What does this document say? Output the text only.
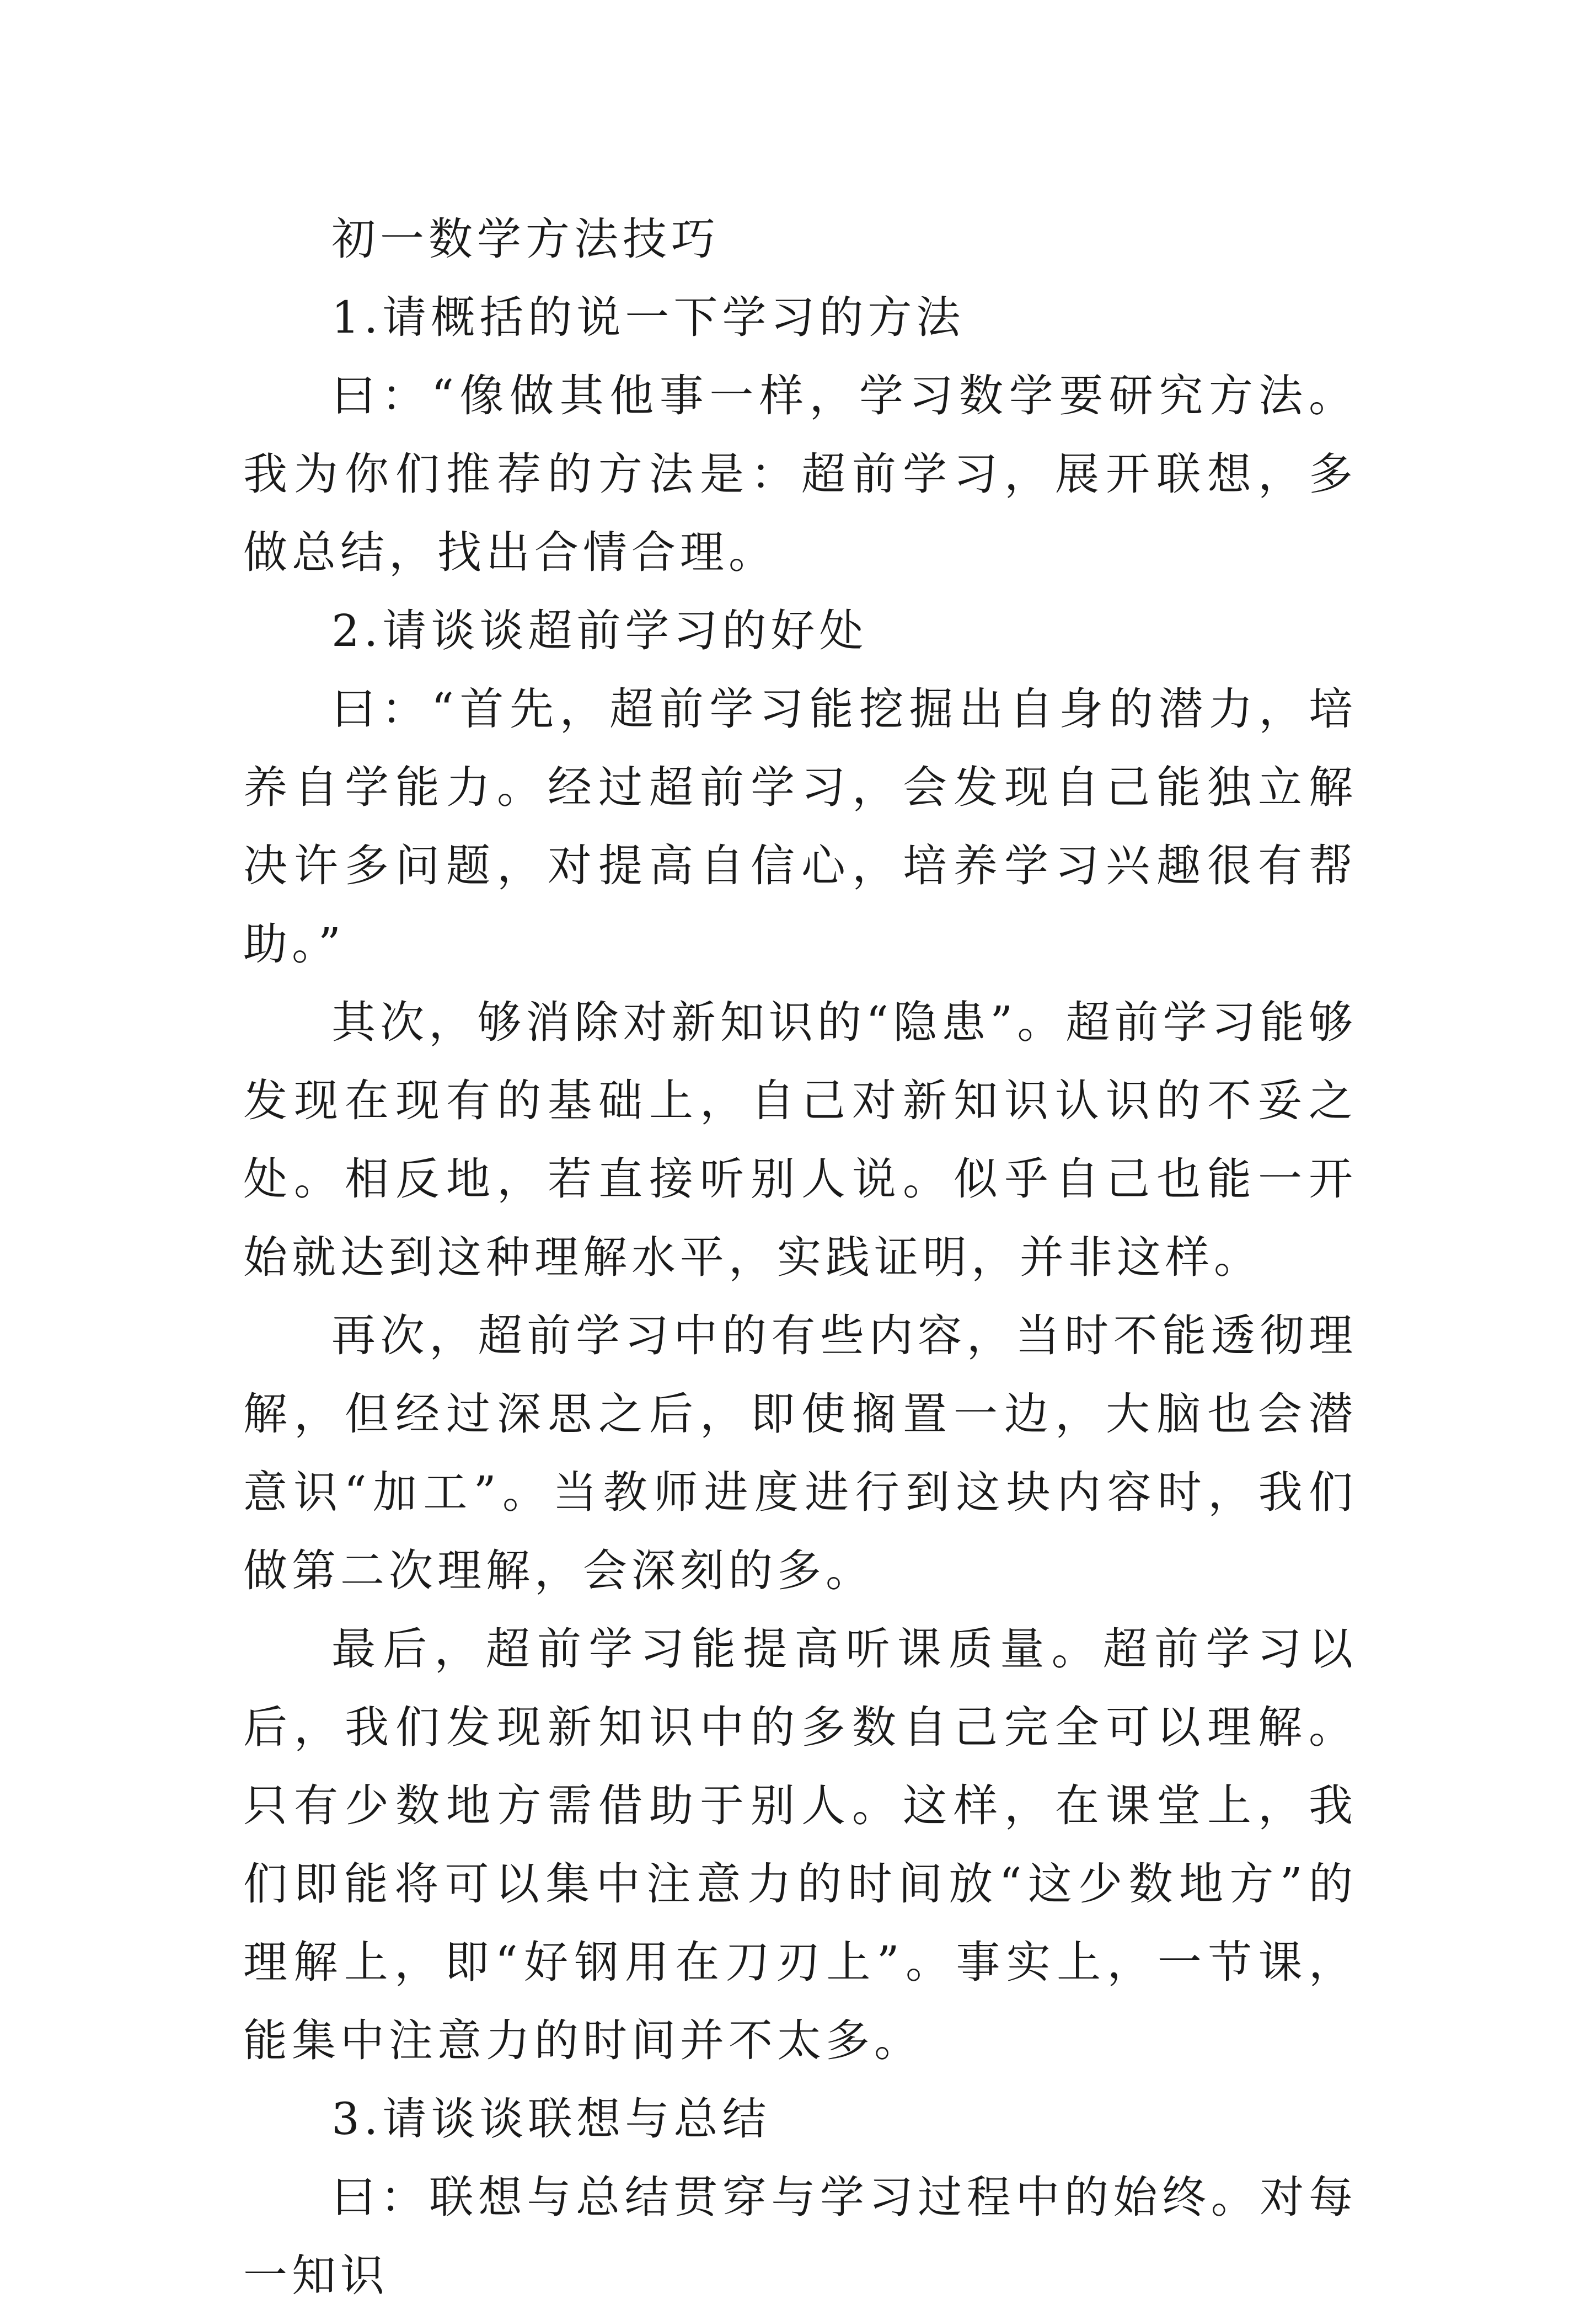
初一数学方法技巧

1.请概括的说一下学习的方法

曰：“像做其他事一样，学习数学要研究方法。我为你们推荐的方法是：超前学习，展开联想，多做总结，找出合情合理。

2.请谈谈超前学习的好处

曰：“首先，超前学习能挖掘出自身的潜力，培养自学能力。经过超前学习，会发现自己能独立解决许多问题，对提高自信心，培养学习兴趣很有帮助。”

其次，够消除对新知识的“隐患”。超前学习能够发现在现有的基础上，自己对新知识认识的不妥之处。相反地，若直接听别人说。似乎自己也能一开始就达到这种理解水平，实践证明，并非这样。

再次，超前学习中的有些内容，当时不能透彻理解，但经过深思之后，即使搁置一边，大脑也会潜意识“加工”。当教师进度进行到这块内容时，我们做第二次理解，会深刻的多。

最后，超前学习能提高听课质量。超前学习以后，我们发现新知识中的多数自己完全可以理解。只有少数地方需借助于别人。这样，在课堂上，我们即能将可以集中注意力的时间放“这少数地方”的理解上，即“好钢用在刀刃上”。事实上，一节课，能集中注意力的时间并不太多。

3.请谈谈联想与总结

曰：联想与总结贯穿与学习过程中的始终。对每一知识
